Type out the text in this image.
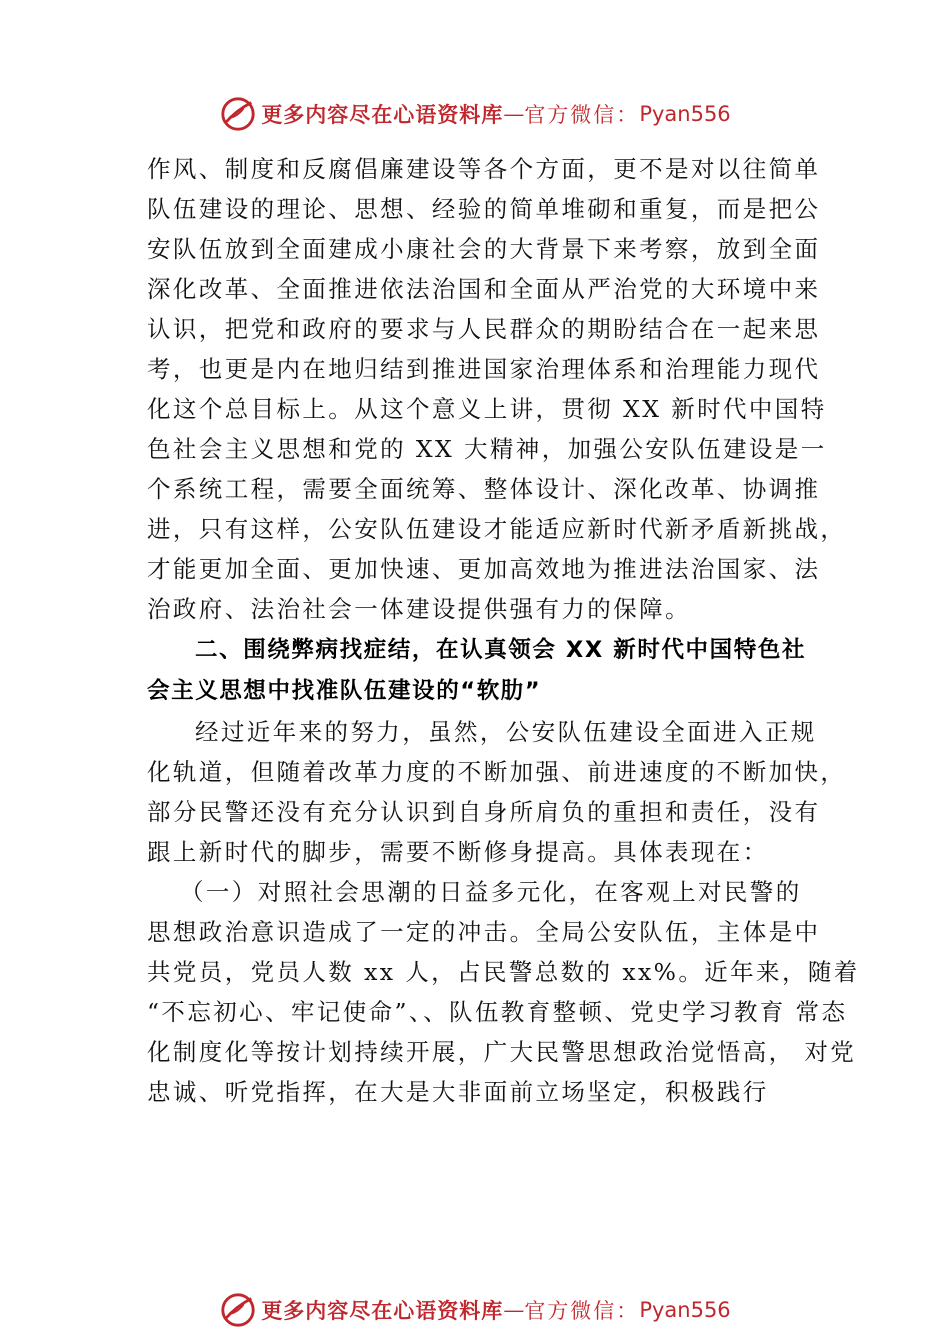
更多内容尽在心语资料库 — 官方微信： Pyan556
作风、制度和反腐倡廉建设等各个方面，更不是对以往简单
队伍建设的理论、思想、经验的简单堆砌和重复，而是把公
安队伍放到全面建成小康社会的大背景下来考察，放到全面
深化改革、全面推进依法治国和全面从严治党的大环境中来
认识，把党和政府的要求与人民群众的期盼结合在一起来思
考，也更是内在地归结到推进国家治理体系和治理能力现代
化这个总目标上。从这个意义上讲，贯彻 XX 新时代中国特
色社会主义思想和党的 XX 大精神，加强公安队伍建设是一
个系统工程，需要全面统筹、整体设计、深化改革、协调推
进，只有这样，公安队伍建设才能适应新时代新矛盾新挑战，
才能更加全面、更加快速、更加高效地为推进法治国家、法
治政府、法治社会一体建设提供强有力的保障。
二、围绕弊病找症结，在认真领会 XX 新时代中国特色社
会主义思想中找准队伍建设的“软肋”
经过近年来的努力，虽然，公安队伍建设全面进入正规
化轨道，但随着改革力度的不断加强、前进速度的不断加快，
部分民警还没有充分认识到自身所肩负的重担和责任，没有
跟上新时代的脚步，需要不断修身提高。具体表现在：
（一）对照社会思潮的日益多元化，在客观上对民警的
思想政治意识造成了一定的冲击。全局公安队伍，主体是中
共党员，党员人数 xx 人，占民警总数的 xx%。近年来，随着
“不忘初心、牢记使命”、、队伍教育整顿、党史学习教育 常态
化制度化等按计划持续开展，广大民警思想政治觉悟高， 对党
忠诚、听党指挥，在大是大非面前立场坚定，积极践行
更多内容尽在心语资料库 — 官方微信： Pyan556
